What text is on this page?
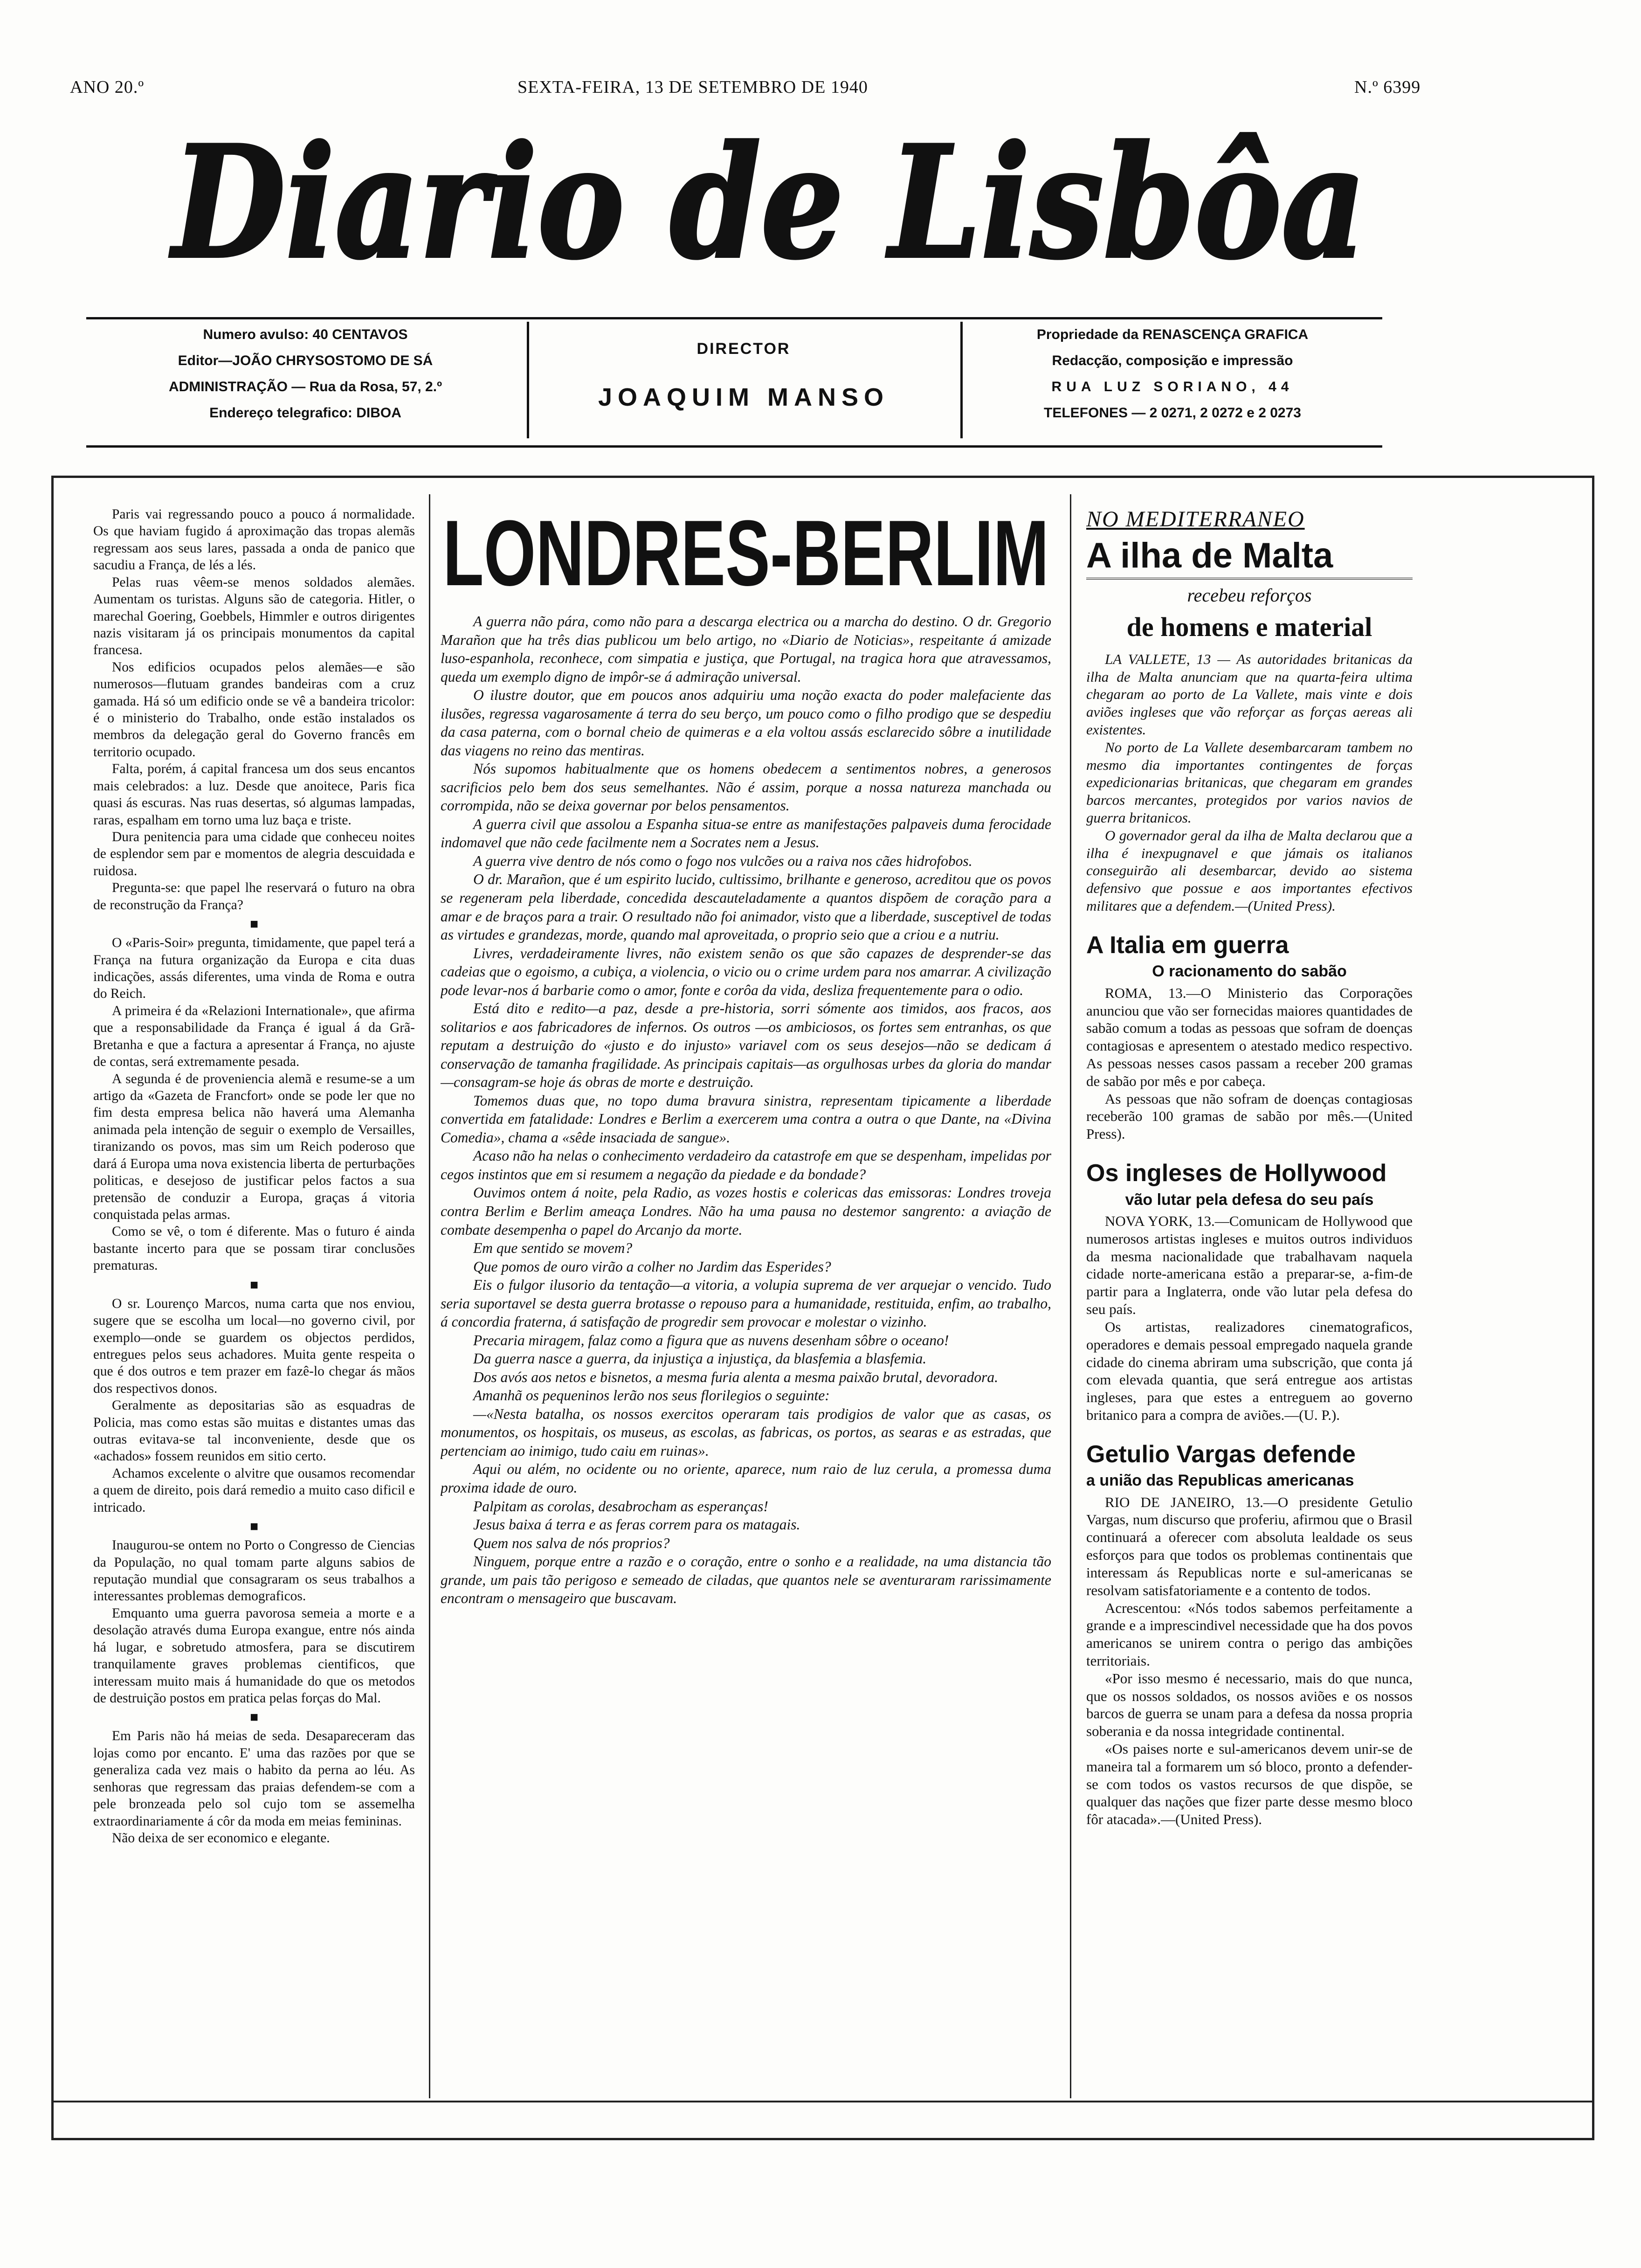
ANO 20.º	SEXTA-FEIRA, 13 DE SETEMBRO DE 1940	N.º 6399
Diario de Lisbôa
Numero avulso: 40 CENTAVOS
Editor—JOÃO CHRYSOSTOMO DE SÁ
ADMINISTRAÇÃO — Rua da Rosa, 57, 2.º
Endereço telegrafico: DIBOA
DIRECTOR
JOAQUIM MANSO
Propriedade da RENASCENÇA GRAFICA
Redacção, composição e impressão
RUA LUZ SORIANO, 44
TELEFONES — 2 0271, 2 0272 e 2 0273

Paris vai regressando pouco a pouco á normalidade. Os que haviam fugido á aproximação das tropas alemãs regressam aos seus lares, passada a onda de panico que sacudiu a França, de lés a lés.

Pelas ruas vêem-se menos soldados alemães. Aumentam os turistas. Alguns são de categoria. Hitler, o marechal Goering, Goebbels, Himmler e outros dirigentes nazis visitaram já os principais monumentos da capital francesa.

Nos edificios ocupados pelos alemães—e são numerosos—flutuam grandes bandeiras com a cruz gamada. Há só um edificio onde se vê a bandeira tricolor: é o ministerio do Trabalho, onde estão instalados os membros da delegação geral do Governo francês em territorio ocupado.

Falta, porém, á capital francesa um dos seus encantos mais celebrados: a luz. Desde que anoitece, Paris fica quasi ás escuras. Nas ruas desertas, só algumas lampadas, raras, espalham em torno uma luz baça e triste.

Dura penitencia para uma cidade que conheceu noites de esplendor sem par e momentos de alegria descuidada e ruidosa.

Pregunta-se: que papel lhe reservará o futuro na obra de reconstrução da França?

■

O «Paris-Soir» pregunta, timidamente, que papel terá a França na futura organização da Europa e cita duas indicações, assás diferentes, uma vinda de Roma e outra do Reich.

A primeira é da «Relazioni Internationale», que afirma que a responsabilidade da França é igual á da Grã-Bretanha e que a factura a apresentar á França, no ajuste de contas, será extremamente pesada.

A segunda é de proveniencia alemã e resume-se a um artigo da «Gazeta de Francfort» onde se pode ler que no fim desta empresa belica não haverá uma Alemanha animada pela intenção de seguir o exemplo de Versailles, tiranizando os povos, mas sim um Reich poderoso que dará á Europa uma nova existencia liberta de perturbações politicas, e desejoso de justificar pelos factos a sua pretensão de conduzir a Europa, graças á vitoria conquistada pelas armas.

Como se vê, o tom é diferente. Mas o futuro é ainda bastante incerto para que se possam tirar conclusões prematuras.

■

O sr. Lourenço Marcos, numa carta que nos enviou, sugere que se escolha um local—no governo civil, por exemplo—onde se guardem os objectos perdidos, entregues pelos seus achadores. Muita gente respeita o que é dos outros e tem prazer em fazê-lo chegar ás mãos dos respectivos donos.

Geralmente as depositarias são as esquadras de Policia, mas como estas são muitas e distantes umas das outras evitava-se tal inconveniente, desde que os «achados» fossem reunidos em sitio certo.

Achamos excelente o alvitre que ousamos recomendar a quem de direito, pois dará remedio a muito caso dificil e intricado.

■

Inaugurou-se ontem no Porto o Congresso de Ciencias da População, no qual tomam parte alguns sabios de reputação mundial que consagraram os seus trabalhos a interessantes problemas demograficos.

Emquanto uma guerra pavorosa semeia a morte e a desolação através duma Europa exangue, entre nós ainda há lugar, e sobretudo atmosfera, para se discutirem tranquilamente graves problemas cientificos, que interessam muito mais á humanidade do que os metodos de destruição postos em pratica pelas forças do Mal.

■

Em Paris não há meias de seda. Desapareceram das lojas como por encanto. E' uma das razões por que se generaliza cada vez mais o habito da perna ao léu. As senhoras que regressam das praias defendem-se com a pele bronzeada pelo sol cujo tom se assemelha extraordinariamente á côr da moda em meias femininas.

Não deixa de ser economico e elegante.

LONDRES-BERLIM

A guerra não pára, como não para a descarga electrica ou a marcha do destino. O dr. Gregorio Marañon que ha três dias publicou um belo artigo, no «Diario de Noticias», respeitante á amizade luso-espanhola, reconhece, com simpatia e justiça, que Portugal, na tragica hora que atravessamos, queda um exemplo digno de impôr-se á admiração universal.

O ilustre doutor, que em poucos anos adquiriu uma noção exacta do poder malefaciente das ilusões, regressa vagarosamente á terra do seu berço, um pouco como o filho prodigo que se despediu da casa paterna, com o bornal cheio de quimeras e a ela voltou assás esclarecido sôbre a inutilidade das viagens no reino das mentiras.

Nós supomos habitualmente que os homens obedecem a sentimentos nobres, a generosos sacrificios pelo bem dos seus semelhantes. Não é assim, porque a nossa natureza manchada ou corrompida, não se deixa governar por belos pensamentos.

A guerra civil que assolou a Espanha situa-se entre as manifestações palpaveis duma ferocidade indomavel que não cede facilmente nem a Socrates nem a Jesus.

A guerra vive dentro de nós como o fogo nos vulcões ou a raiva nos cães hidrofobos.

O dr. Marañon, que é um espirito lucido, cultissimo, brilhante e generoso, acreditou que os povos se regeneram pela liberdade, concedida descauteladamente a quantos dispõem de coração para a amar e de braços para a trair. O resultado não foi animador, visto que a liberdade, susceptivel de todas as virtudes e grandezas, morde, quando mal aproveitada, o proprio seio que a criou e a nutriu.

Livres, verdadeiramente livres, não existem senão os que são capazes de desprender-se das cadeias que o egoismo, a cubiça, a violencia, o vicio ou o crime urdem para nos amarrar. A civilização pode levar-nos á barbarie como o amor, fonte e corôa da vida, desliza frequentemente para o odio.

Está dito e redito—a paz, desde a pre-historia, sorri sómente aos timidos, aos fracos, aos solitarios e aos fabricadores de infernos. Os outros —os ambiciosos, os fortes sem entranhas, os que reputam a destruição do «justo e do injusto» variavel com os seus desejos—não se dedicam á conservação de tamanha fragilidade. As principais capitais—as orgulhosas urbes da gloria do mandar—consagram-se hoje ás obras de morte e destruição.

Tomemos duas que, no topo duma bravura sinistra, representam tipicamente a liberdade convertida em fatalidade: Londres e Berlim a exercerem uma contra a outra o que Dante, na «Divina Comedia», chama a «sêde insaciada de sangue».

Acaso não ha nelas o conhecimento verdadeiro da catastrofe em que se despenham, impelidas por cegos instintos que em si resumem a negação da piedade e da bondade?

Ouvimos ontem á noite, pela Radio, as vozes hostis e colericas das emissoras: Londres troveja contra Berlim e Berlim ameaça Londres. Não ha uma pausa no destemor sangrento: a aviação de combate desempenha o papel do Arcanjo da morte.

Em que sentido se movem?

Que pomos de ouro virão a colher no Jardim das Esperides?

Eis o fulgor ilusorio da tentação—a vitoria, a volupia suprema de ver arquejar o vencido. Tudo seria suportavel se desta guerra brotasse o repouso para a humanidade, restituida, enfim, ao trabalho, á concordia fraterna, á satisfação de progredir sem provocar e molestar o vizinho.

Precaria miragem, falaz como a figura que as nuvens desenham sôbre o oceano!

Da guerra nasce a guerra, da injustiça a injustiça, da blasfemia a blasfemia.

Dos avós aos netos e bisnetos, a mesma furia alenta a mesma paixão brutal, devoradora.

Amanhã os pequeninos lerão nos seus florilegios o seguinte:

—«Nesta batalha, os nossos exercitos operaram tais prodigios de valor que as casas, os monumentos, os hospitais, os museus, as escolas, as fabricas, os portos, as searas e as estradas, que pertenciam ao inimigo, tudo caiu em ruinas».

Aqui ou além, no ocidente ou no oriente, aparece, num raio de luz cerula, a promessa duma proxima idade de ouro.

Palpitam as corolas, desabrocham as esperanças!

Jesus baixa á terra e as feras correm para os matagais.

Quem nos salva de nós proprios?

Ninguem, porque entre a razão e o coração, entre o sonho e a realidade, na uma distancia tão grande, um pais tão perigoso e semeado de ciladas, que quantos nele se aventuraram rarissimamente encontram o mensageiro que buscavam.

NO MEDITERRANEO
A ilha de Malta
recebeu reforços
de homens e material

LA VALLETE, 13 — As autoridades britanicas da ilha de Malta anunciam que na quarta-feira ultima chegaram ao porto de La Vallete, mais vinte e dois aviões ingleses que vão reforçar as forças aereas ali existentes.

No porto de La Vallete desembarcaram tambem no mesmo dia importantes contingentes de forças expedicionarias britanicas, que chegaram em grandes barcos mercantes, protegidos por varios navios de guerra britanicos.

O governador geral da ilha de Malta declarou que a ilha é inexpugnavel e que jámais os italianos conseguirão ali desembarcar, devido ao sistema defensivo que possue e aos importantes efectivos militares que a defendem.—(United Press).

A Italia em guerra
O racionamento do sabão

ROMA, 13.—O Ministerio das Corporações anunciou que vão ser fornecidas maiores quantidades de sabão comum a todas as pessoas que sofram de doenças contagiosas e apresentem o atestado medico respectivo. As pessoas nesses casos passam a receber 200 gramas de sabão por mês e por cabeça.

As pessoas que não sofram de doenças contagiosas receberão 100 gramas de sabão por mês.—(United Press).

Os ingleses de Hollywood
vão lutar pela defesa do seu país

NOVA YORK, 13.—Comunicam de Hollywood que numerosos artistas ingleses e muitos outros individuos da mesma nacionalidade que trabalhavam naquela cidade norte-americana estão a preparar-se, a-fim-de partir para a Inglaterra, onde vão lutar pela defesa do seu país.

Os artistas, realizadores cinematograficos, operadores e demais pessoal empregado naquela grande cidade do cinema abriram uma subscrição, que conta já com elevada quantia, que será entregue aos artistas ingleses, para que estes a entreguem ao governo britanico para a compra de aviões.—(U. P.).

Getulio Vargas defende
a união das Republicas americanas

RIO DE JANEIRO, 13.—O presidente Getulio Vargas, num discurso que proferiu, afirmou que o Brasil continuará a oferecer com absoluta lealdade os seus esforços para que todos os problemas continentais que interessam ás Republicas norte e sul-americanas se resolvam satisfatoriamente e a contento de todos.

Acrescentou: «Nós todos sabemos perfeitamente a grande e a imprescindivel necessidade que ha dos povos americanos se unirem contra o perigo das ambições territoriais.

«Por isso mesmo é necessario, mais do que nunca, que os nossos soldados, os nossos aviões e os nossos barcos de guerra se unam para a defesa da nossa propria soberania e da nossa integridade continental.

«Os paises norte e sul-americanos devem unir-se de maneira tal a formarem um só bloco, pronto a defender-se com todos os vastos recursos de que dispõe, se qualquer das nações que fizer parte desse mesmo bloco fôr atacada».—(United Press).
